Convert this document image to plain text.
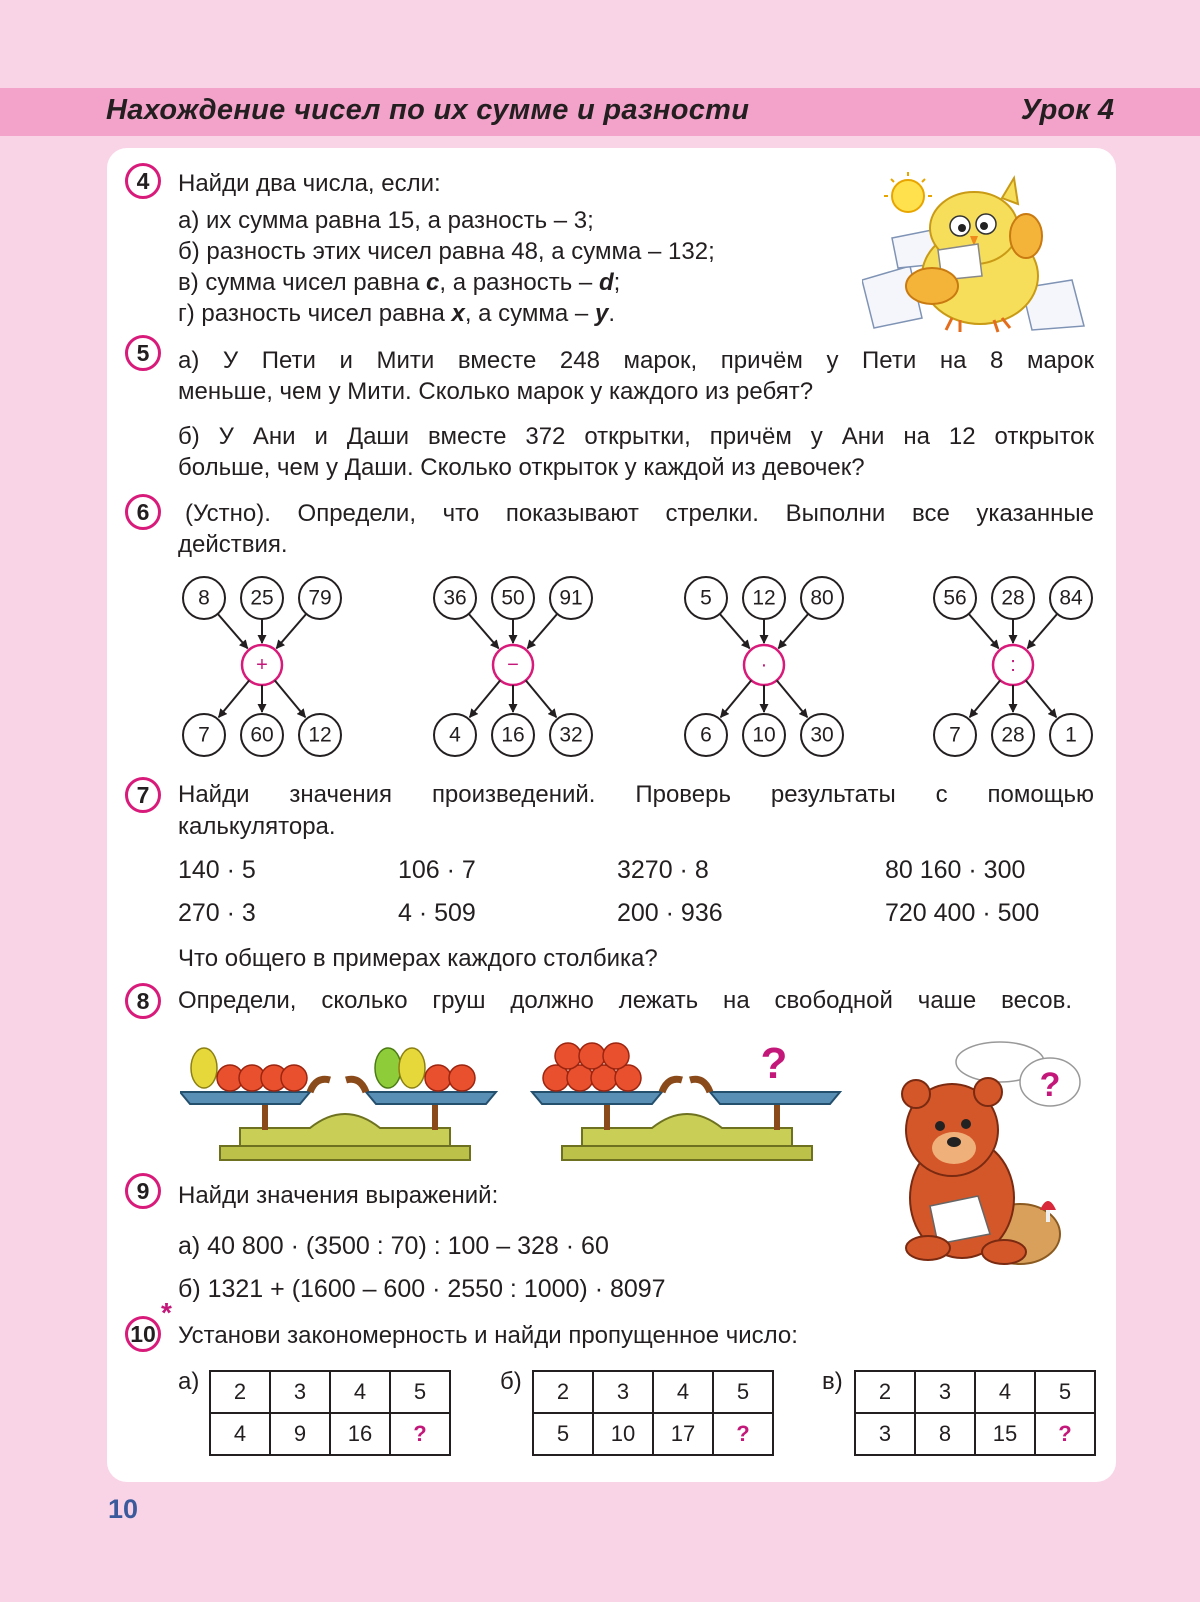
Нахождение чисел по их сумме и разности	Урок 4
4	Найди два числа, если:
а) их сумма равна 15, а разность – 3;
б) разность этих чисел равна 48, а сумма – 132;
в) сумма чисел равна c, а разность – d;
г) разность чисел равна x, а сумма – y.
5	а) У Пети и Мити вместе 248 марок, причём у Пети на 8 марок
меньше, чем у Мити. Сколько марок у каждого из ребят?
б) У Ани и Даши вместе 372 открытки, причём у Ани на 12 открыток
больше, чем у Даши. Сколько открыток у каждой из девочек?
6	(Устно). Определи, что показывают стрелки. Выполни все указанные
действия.
8 25 79
+
7 60 12
36 50 91
−
4 16 32
5 12 80
·
6 10 30
56 28 84
:
7 28 1
7	Найди значения произведений. Проверь результаты с помощью
калькулятора.
140 · 5	106 · 7	3270 · 8	80 160 · 300
270 · 3	4 · 509	200 · 936	720 400 · 500
Что общего в примерах каждого столбика?
8	Определи, сколько груш должно лежать на свободной чаше весов.
?	?
9	Найди значения выражений:
а) 40 800 · (3500 : 70) : 100 – 328 · 60
б) 1321 + (1600 – 600 · 2550 : 1000) · 8097
10
*
Установи закономерность и найди пропущенное число:
а) 2	3	4	5
4	9	16	?
б) 2	3	4	5
5	10	17	?
в) 2	3	4	5
3	8	15	?
10
